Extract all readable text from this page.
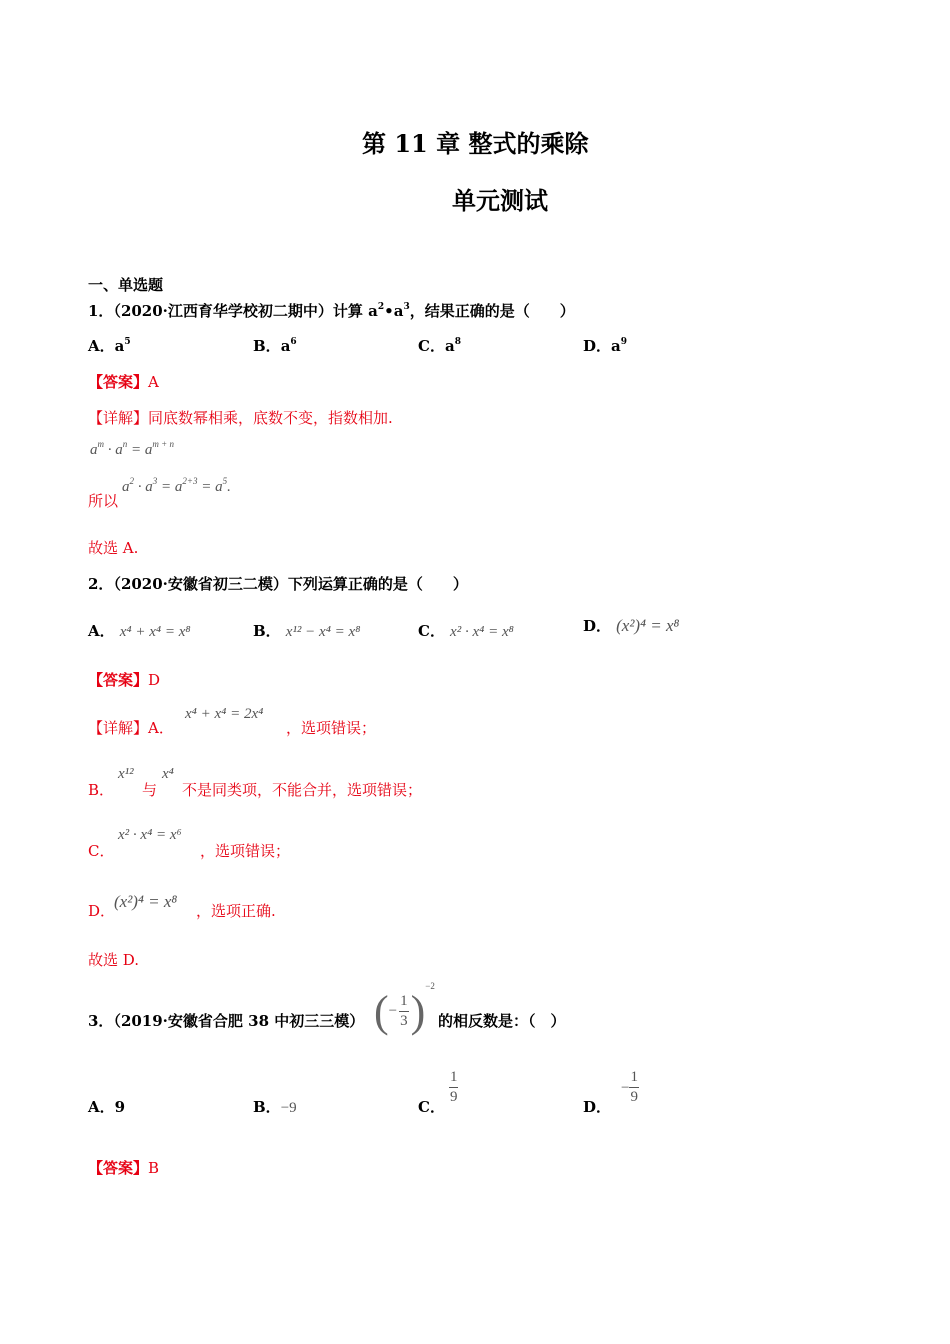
第 11 章 整式的乘除
单元测试
一、单选题
1．（2020·江西育华学校初二期中）计算 $a^2•a^3$，结果正确的是（　　）
A．$a^5$	B．$a^6$	C．$a^8$	D．$a^9$
【答案】A
【详解】同底数幂相乘，底数不变，指数相加.
$a^m \cdot a^n = a^{m + n}$
所以
$a^2 \cdot a^3 = a^{2+3} = a^5$.
故选 A.
2．（2020·安徽省初三二模）下列运算正确的是（　　）
A． x⁴ + x⁴ = x⁸	B． x¹² − x⁴ = x⁸	C． x² · x⁴ = x⁸	D． (x²)⁴ = x⁸
【答案】D
【详解】A．
x⁴ + x⁴ = 2x⁴
，选项错误；
B．
x¹²
与
x⁴
不是同类项，不能合并，选项错误；
C．
x² · x⁴ = x⁶
，选项错误；
D．
(x²)⁴ = x⁸ ，选项正确.
故选 D.
3．（2019·安徽省合肥 38 中初三三模） (− $\frac{1}{3} )^{-2}$
的相反数是：（　）
A．9	B．−9	C．
$\frac{1}{9}$
D．− $\frac{1}{9}$
【答案】B
